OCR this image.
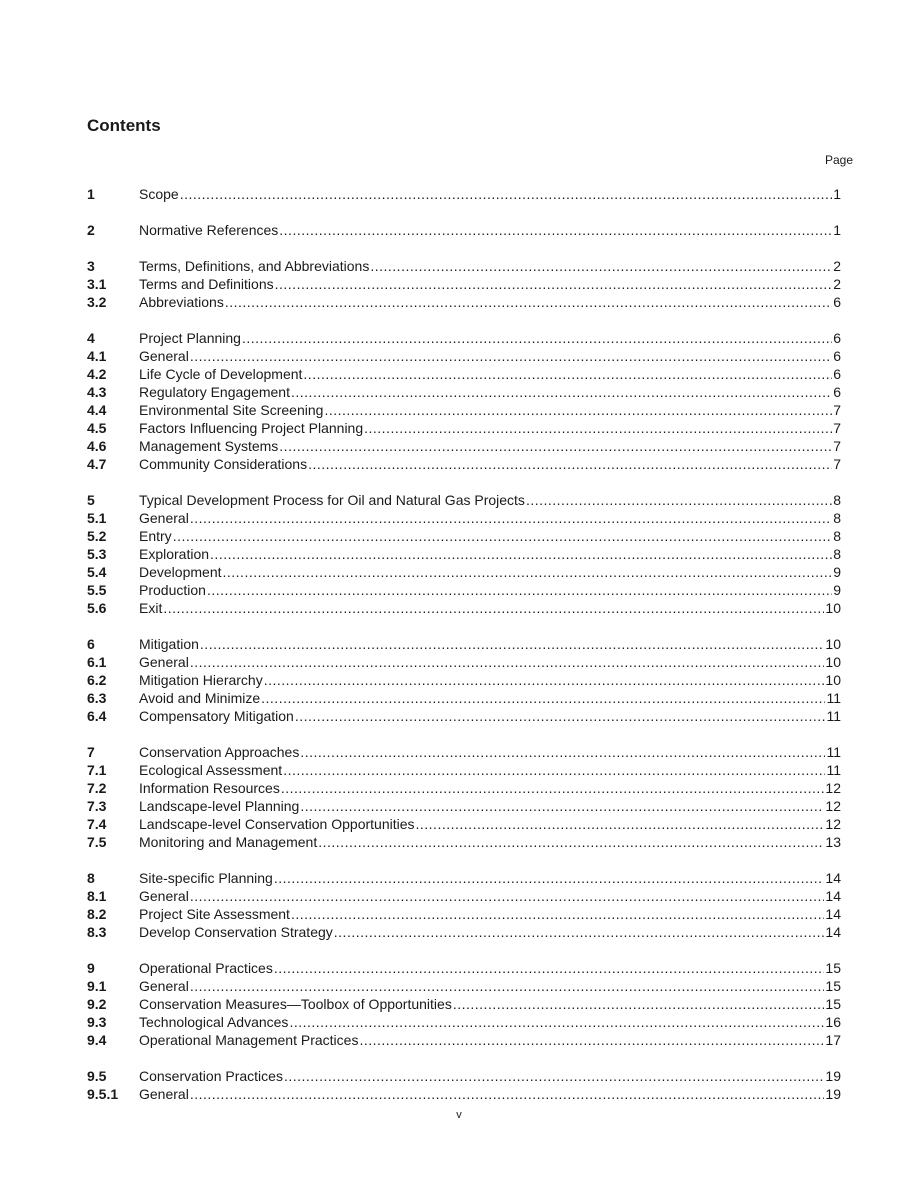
Contents
Page
1	Scope .....	1
2	Normative References .....	1
3	Terms, Definitions, and Abbreviations .....	2
3.1	Terms and Definitions .....	2
3.2	Abbreviations .....	6
4	Project Planning .....	6
4.1	General .....	6
4.2	Life Cycle of Development .....	6
4.3	Regulatory Engagement .....	6
4.4	Environmental Site Screening .....	7
4.5	Factors Influencing Project Planning .....	7
4.6	Management Systems .....	7
4.7	Community Considerations .....	7
5	Typical Development Process for Oil and Natural Gas Projects .....	8
5.1	General .....	8
5.2	Entry .....	8
5.3	Exploration .....	8
5.4	Development .....	9
5.5	Production .....	9
5.6	Exit .....	10
6	Mitigation .....	10
6.1	General .....	10
6.2	Mitigation Hierarchy .....	10
6.3	Avoid and Minimize .....	11
6.4	Compensatory Mitigation .....	11
7	Conservation Approaches .....	11
7.1	Ecological Assessment .....	11
7.2	Information Resources .....	12
7.3	Landscape-level Planning .....	12
7.4	Landscape-level Conservation Opportunities .....	12
7.5	Monitoring and Management .....	13
8	Site-specific Planning .....	14
8.1	General .....	14
8.2	Project Site Assessment .....	14
8.3	Develop Conservation Strategy .....	14
9	Operational Practices .....	15
9.1	General .....	15
9.2	Conservation Measures—Toolbox of Opportunities .....	15
9.3	Technological Advances .....	16
9.4	Operational Management Practices .....	17
9.5	Conservation Practices .....	19
9.5.1	General .....	19
v
